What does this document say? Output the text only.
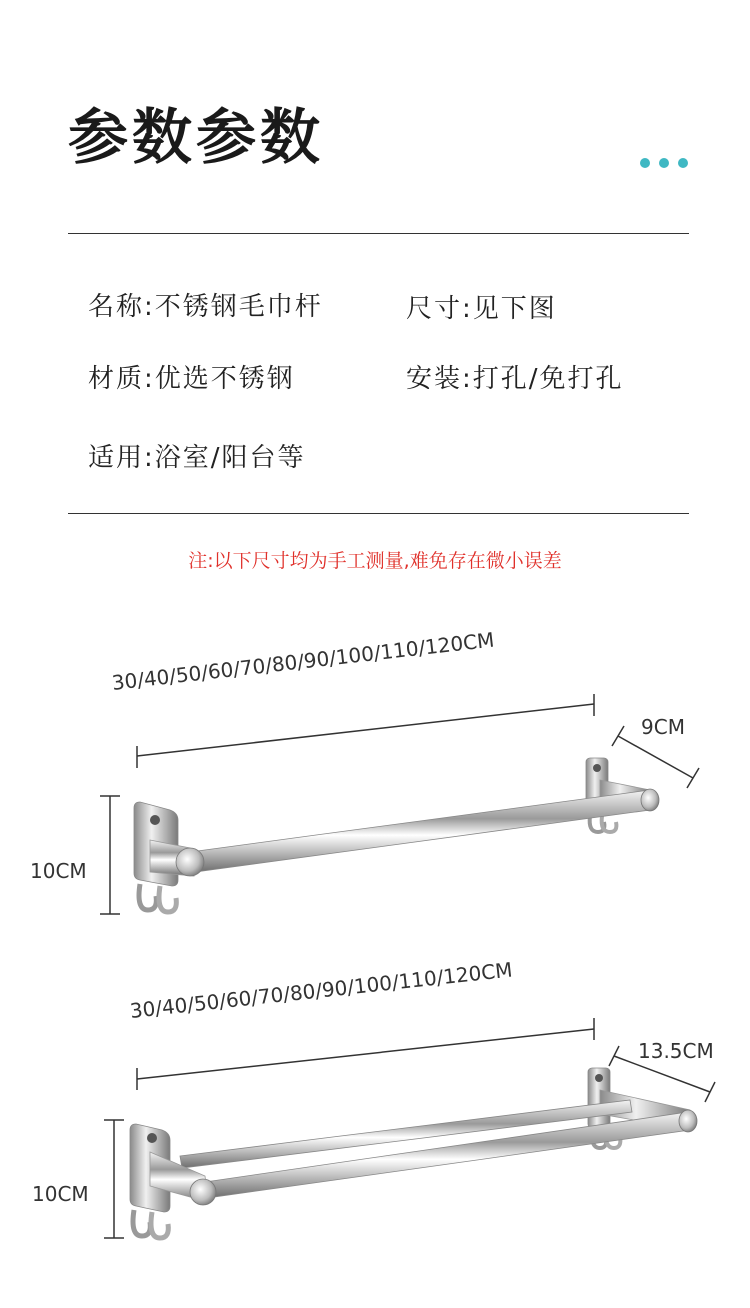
参数参数
名称:不锈钢毛巾杆	尺寸:见下图
材质:优选不锈钢	安装:打孔/免打孔
适用:浴室/阳台等
注:以下尺寸均为手工测量,难免存在微小误差
30/40/50/60/70/80/90/100/110/120CM
9CM
10CM
30/40/50/60/70/80/90/100/110/120CM
13.5CM
10CM
